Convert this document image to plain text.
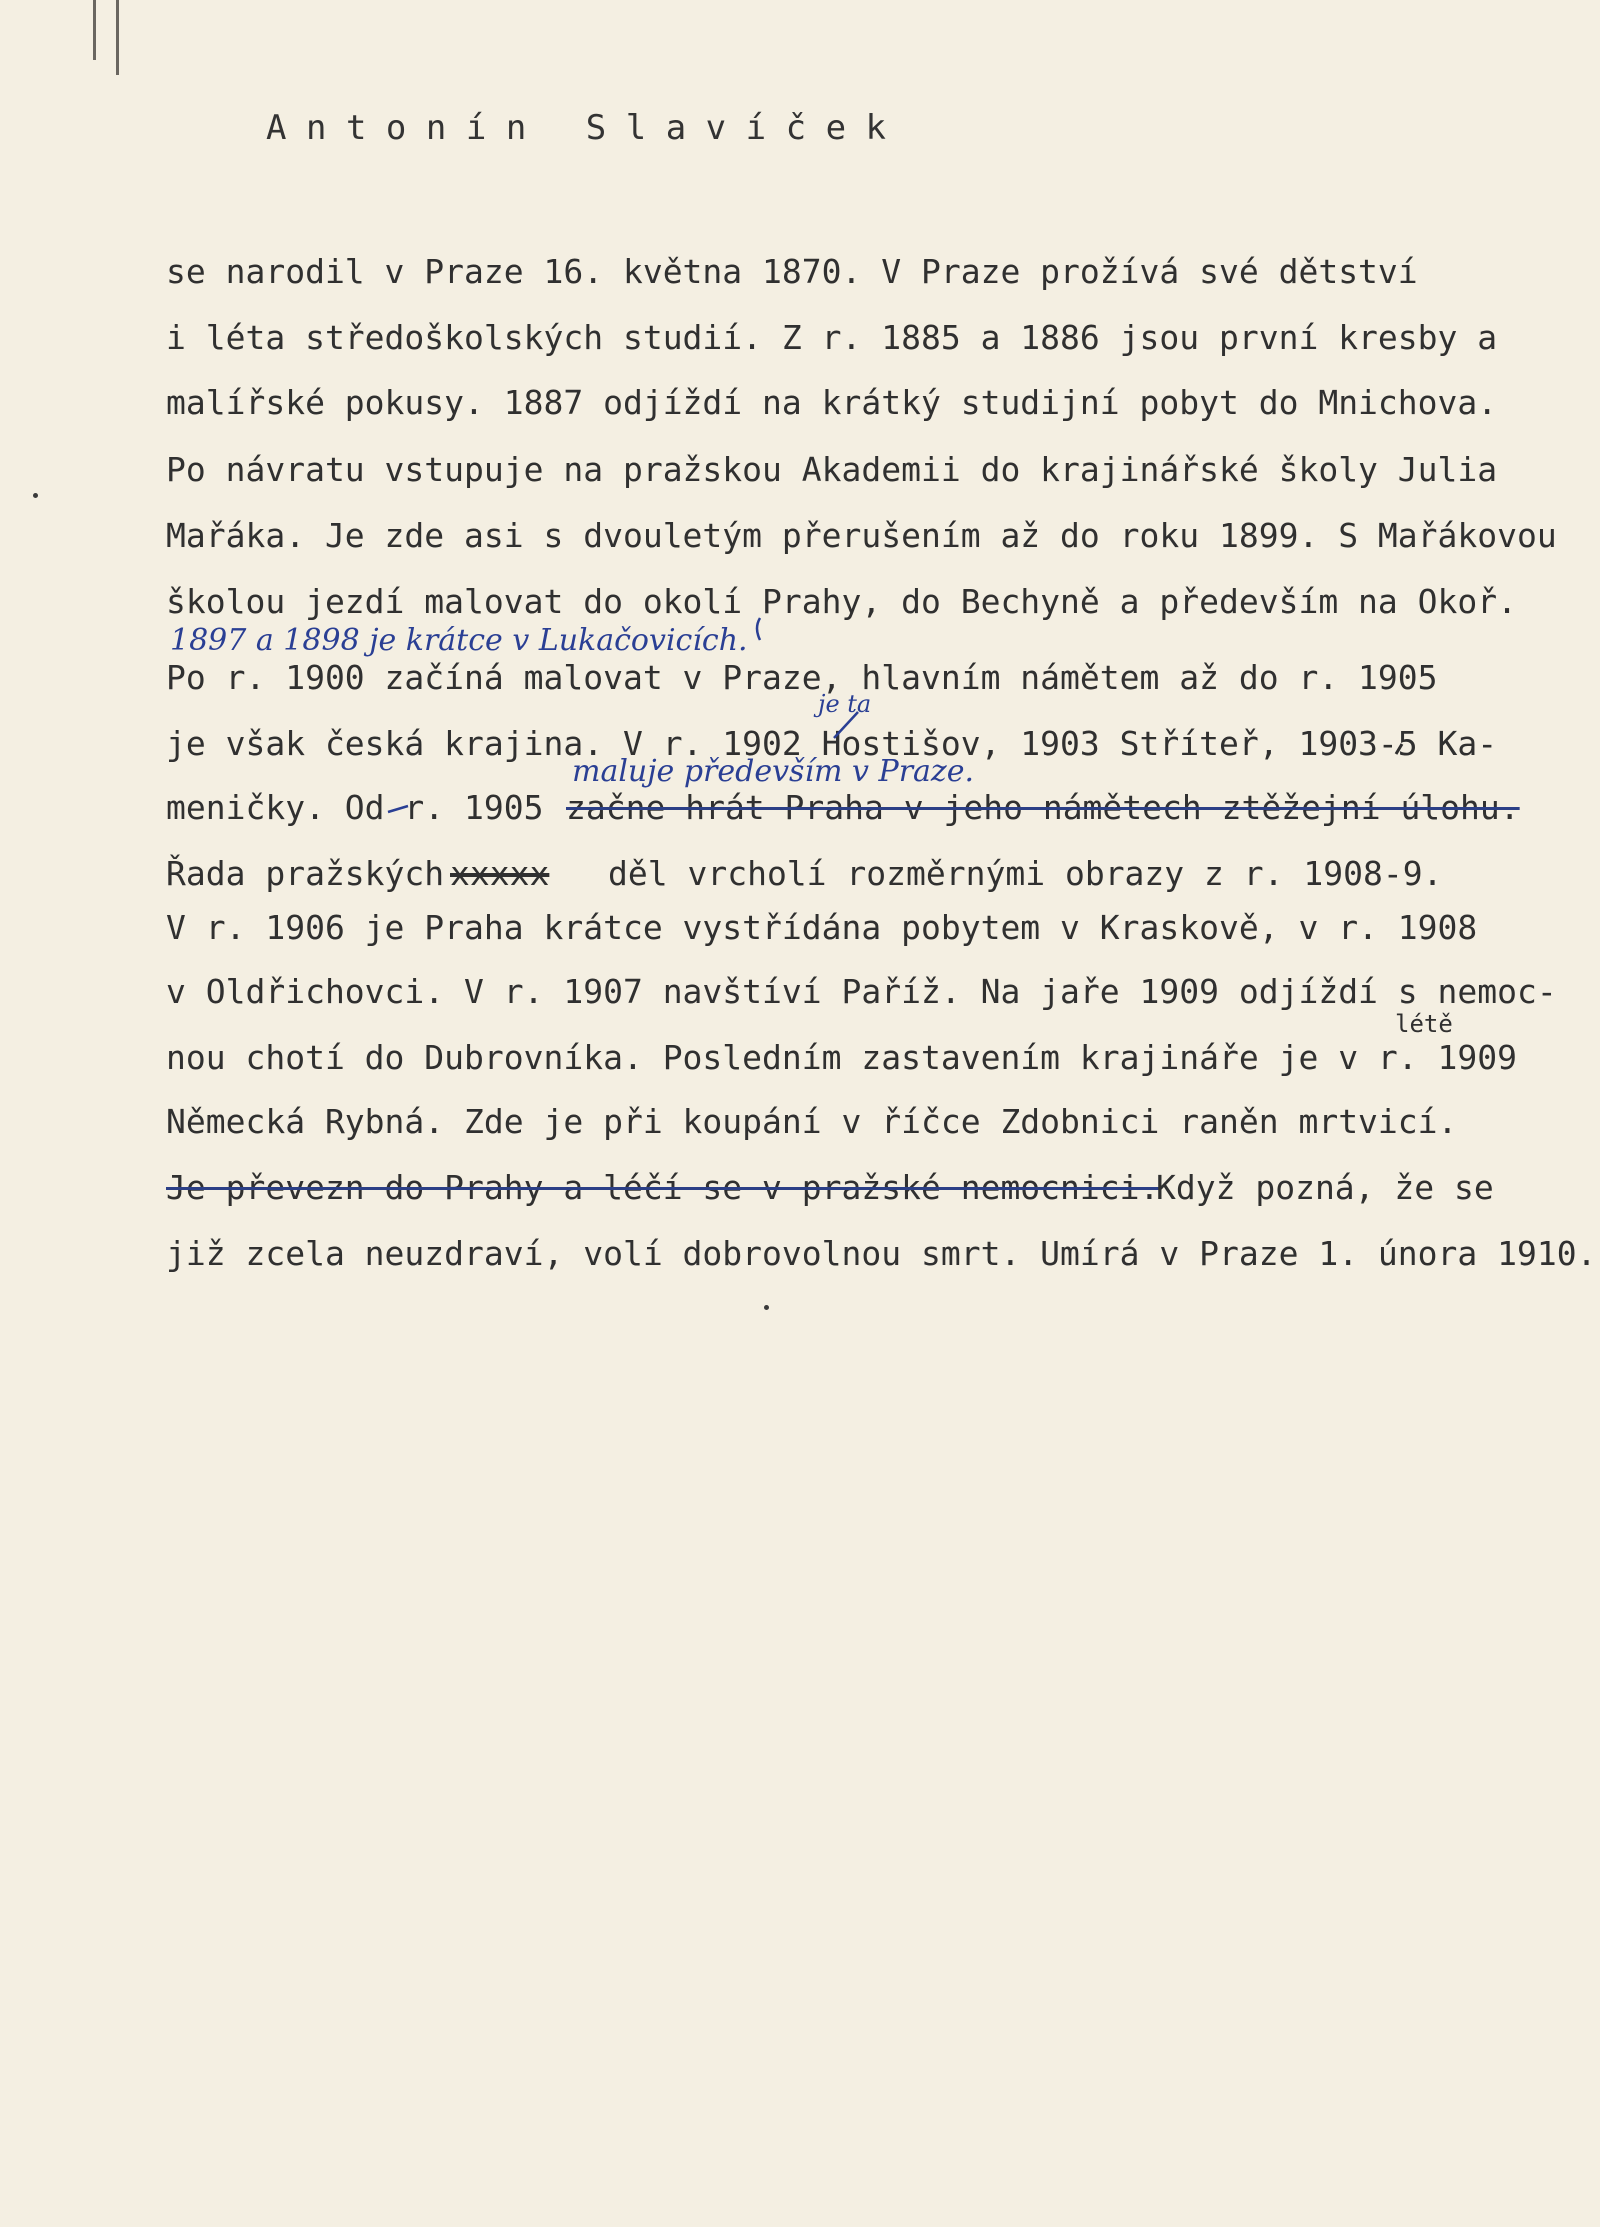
Antonín Slavíček
se narodil v Praze 16. května 1870. V Praze prožívá své dětství
i léta středoškolských studií. Z r. 1885 a 1886 jsou první kresby a
malířské pokusy. 1887 odjíždí na krátký studijní pobyt do Mnichova.
Po návratu vstupuje na pražskou Akademii do krajinářské školy Julia
Mařáka. Je zde asi s dvouletým přerušením až do roku 1899. S Mařákovou
školou jezdí malovat do okolí Prahy, do Bechyně a především na Okoř.
1897 a 1898 je krátce v Lukačovicích.
Po r. 1900 začíná malovat v Praze, hlavním námětem až do r. 1905
je ta
je však česká krajina. V r. 1902 Hostišov, 1903 Stříteř, 1903-5 Ka-
maluje především v Praze.
meničky. Od r. 1905 začne hrát Praha v jeho námětech ztěžejní úlohu.
Řada pražských xxxxx děl vrcholí rozměrnými obrazy z r. 1908-9.
V r. 1906 je Praha krátce vystřídána pobytem v Kraskově, v r. 1908
v Oldřichovci. V r. 1907 navštíví Paříž. Na jaře 1909 odjíždí s nemoc-
létě
nou chotí do Dubrovníka. Posledním zastavením krajináře je v r. 1909
Německá Rybná. Zde je při koupání v říčce Zdobnici raněn mrtvicí.
Je převezn do Prahy a léčí se v pražské nemocnici.
Když pozná, že se
již zcela neuzdraví, volí dobrovolnou smrt. Umírá v Praze 1. února 1910.
